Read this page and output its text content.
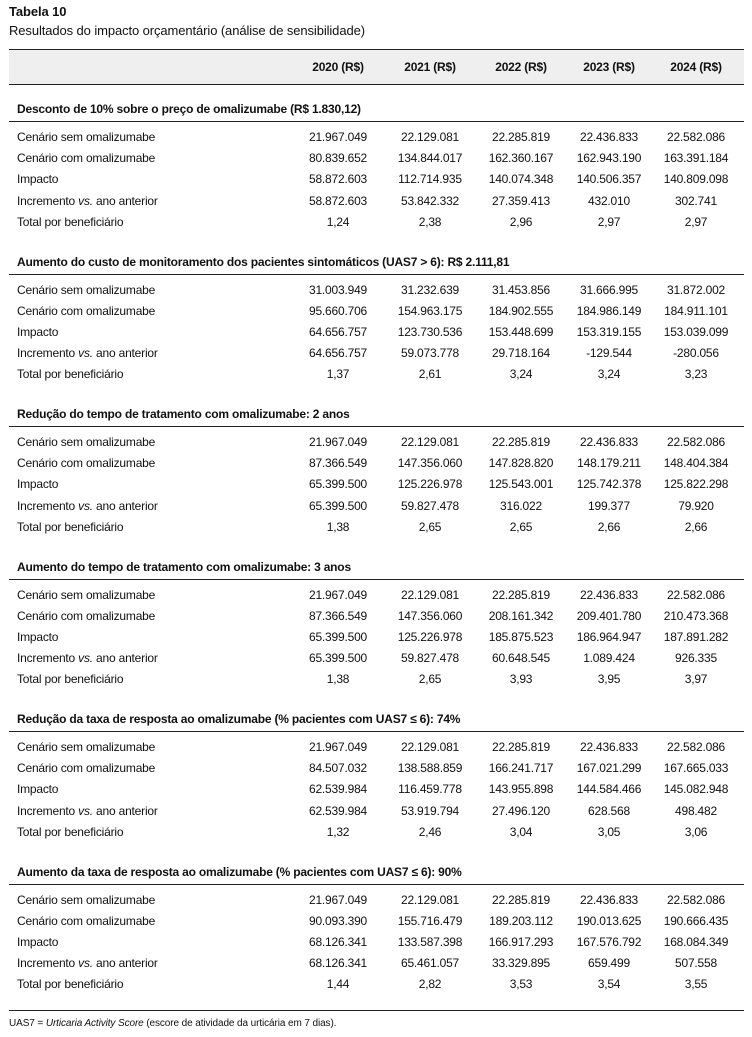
Tabela 10
Resultados do impacto orçamentário (análise de sensibilidade)
2020 (R$)	2021 (R$)	2022 (R$)	2023 (R$)	2024 (R$)
Desconto de 10% sobre o preço de omalizumabe (R$ 1.830,12)
Cenário sem omalizumabe	21.967.049	22.129.081	22.285.819	22.436.833	22.582.086
Cenário com omalizumabe	80.839.652	134.844.017	162.360.167	162.943.190	163.391.184
Impacto	58.872.603	112.714.935	140.074.348	140.506.357	140.809.098
Incremento vs. ano anterior	58.872.603	53.842.332	27.359.413	432.010	302.741
Total por beneficiário	1,24	2,38	2,96	2,97	2,97
Aumento do custo de monitoramento dos pacientes sintomáticos (UAS7 > 6): R$ 2.111,81
Cenário sem omalizumabe	31.003.949	31.232.639	31.453.856	31.666.995	31.872.002
Cenário com omalizumabe	95.660.706	154.963.175	184.902.555	184.986.149	184.911.101
Impacto	64.656.757	123.730.536	153.448.699	153.319.155	153.039.099
Incremento vs. ano anterior	64.656.757	59.073.778	29.718.164	-129.544	-280.056
Total por beneficiário	1,37	2,61	3,24	3,24	3,23
Redução do tempo de tratamento com omalizumabe: 2 anos
Cenário sem omalizumabe	21.967.049	22.129.081	22.285.819	22.436.833	22.582.086
Cenário com omalizumabe	87.366.549	147.356.060	147.828.820	148.179.211	148.404.384
Impacto	65.399.500	125.226.978	125.543.001	125.742.378	125.822.298
Incremento vs. ano anterior	65.399.500	59.827.478	316.022	199.377	79.920
Total por beneficiário	1,38	2,65	2,65	2,66	2,66
Aumento do tempo de tratamento com omalizumabe: 3 anos
Cenário sem omalizumabe	21.967.049	22.129.081	22.285.819	22.436.833	22.582.086
Cenário com omalizumabe	87.366.549	147.356.060	208.161.342	209.401.780	210.473.368
Impacto	65.399.500	125.226.978	185.875.523	186.964.947	187.891.282
Incremento vs. ano anterior	65.399.500	59.827.478	60.648.545	1.089.424	926.335
Total por beneficiário	1,38	2,65	3,93	3,95	3,97
Redução da taxa de resposta ao omalizumabe (% pacientes com UAS7 ≤ 6): 74%
Cenário sem omalizumabe	21.967.049	22.129.081	22.285.819	22.436.833	22.582.086
Cenário com omalizumabe	84.507.032	138.588.859	166.241.717	167.021.299	167.665.033
Impacto	62.539.984	116.459.778	143.955.898	144.584.466	145.082.948
Incremento vs. ano anterior	62.539.984	53.919.794	27.496.120	628.568	498.482
Total por beneficiário	1,32	2,46	3,04	3,05	3,06
Aumento da taxa de resposta ao omalizumabe (% pacientes com UAS7 ≤ 6): 90%
Cenário sem omalizumabe	21.967.049	22.129.081	22.285.819	22.436.833	22.582.086
Cenário com omalizumabe	90.093.390	155.716.479	189.203.112	190.013.625	190.666.435
Impacto	68.126.341	133.587.398	166.917.293	167.576.792	168.084.349
Incremento vs. ano anterior	68.126.341	65.461.057	33.329.895	659.499	507.558
Total por beneficiário	1,44	2,82	3,53	3,54	3,55
UAS7 = Urticaria Activity Score (escore de atividade da urticária em 7 dias).
